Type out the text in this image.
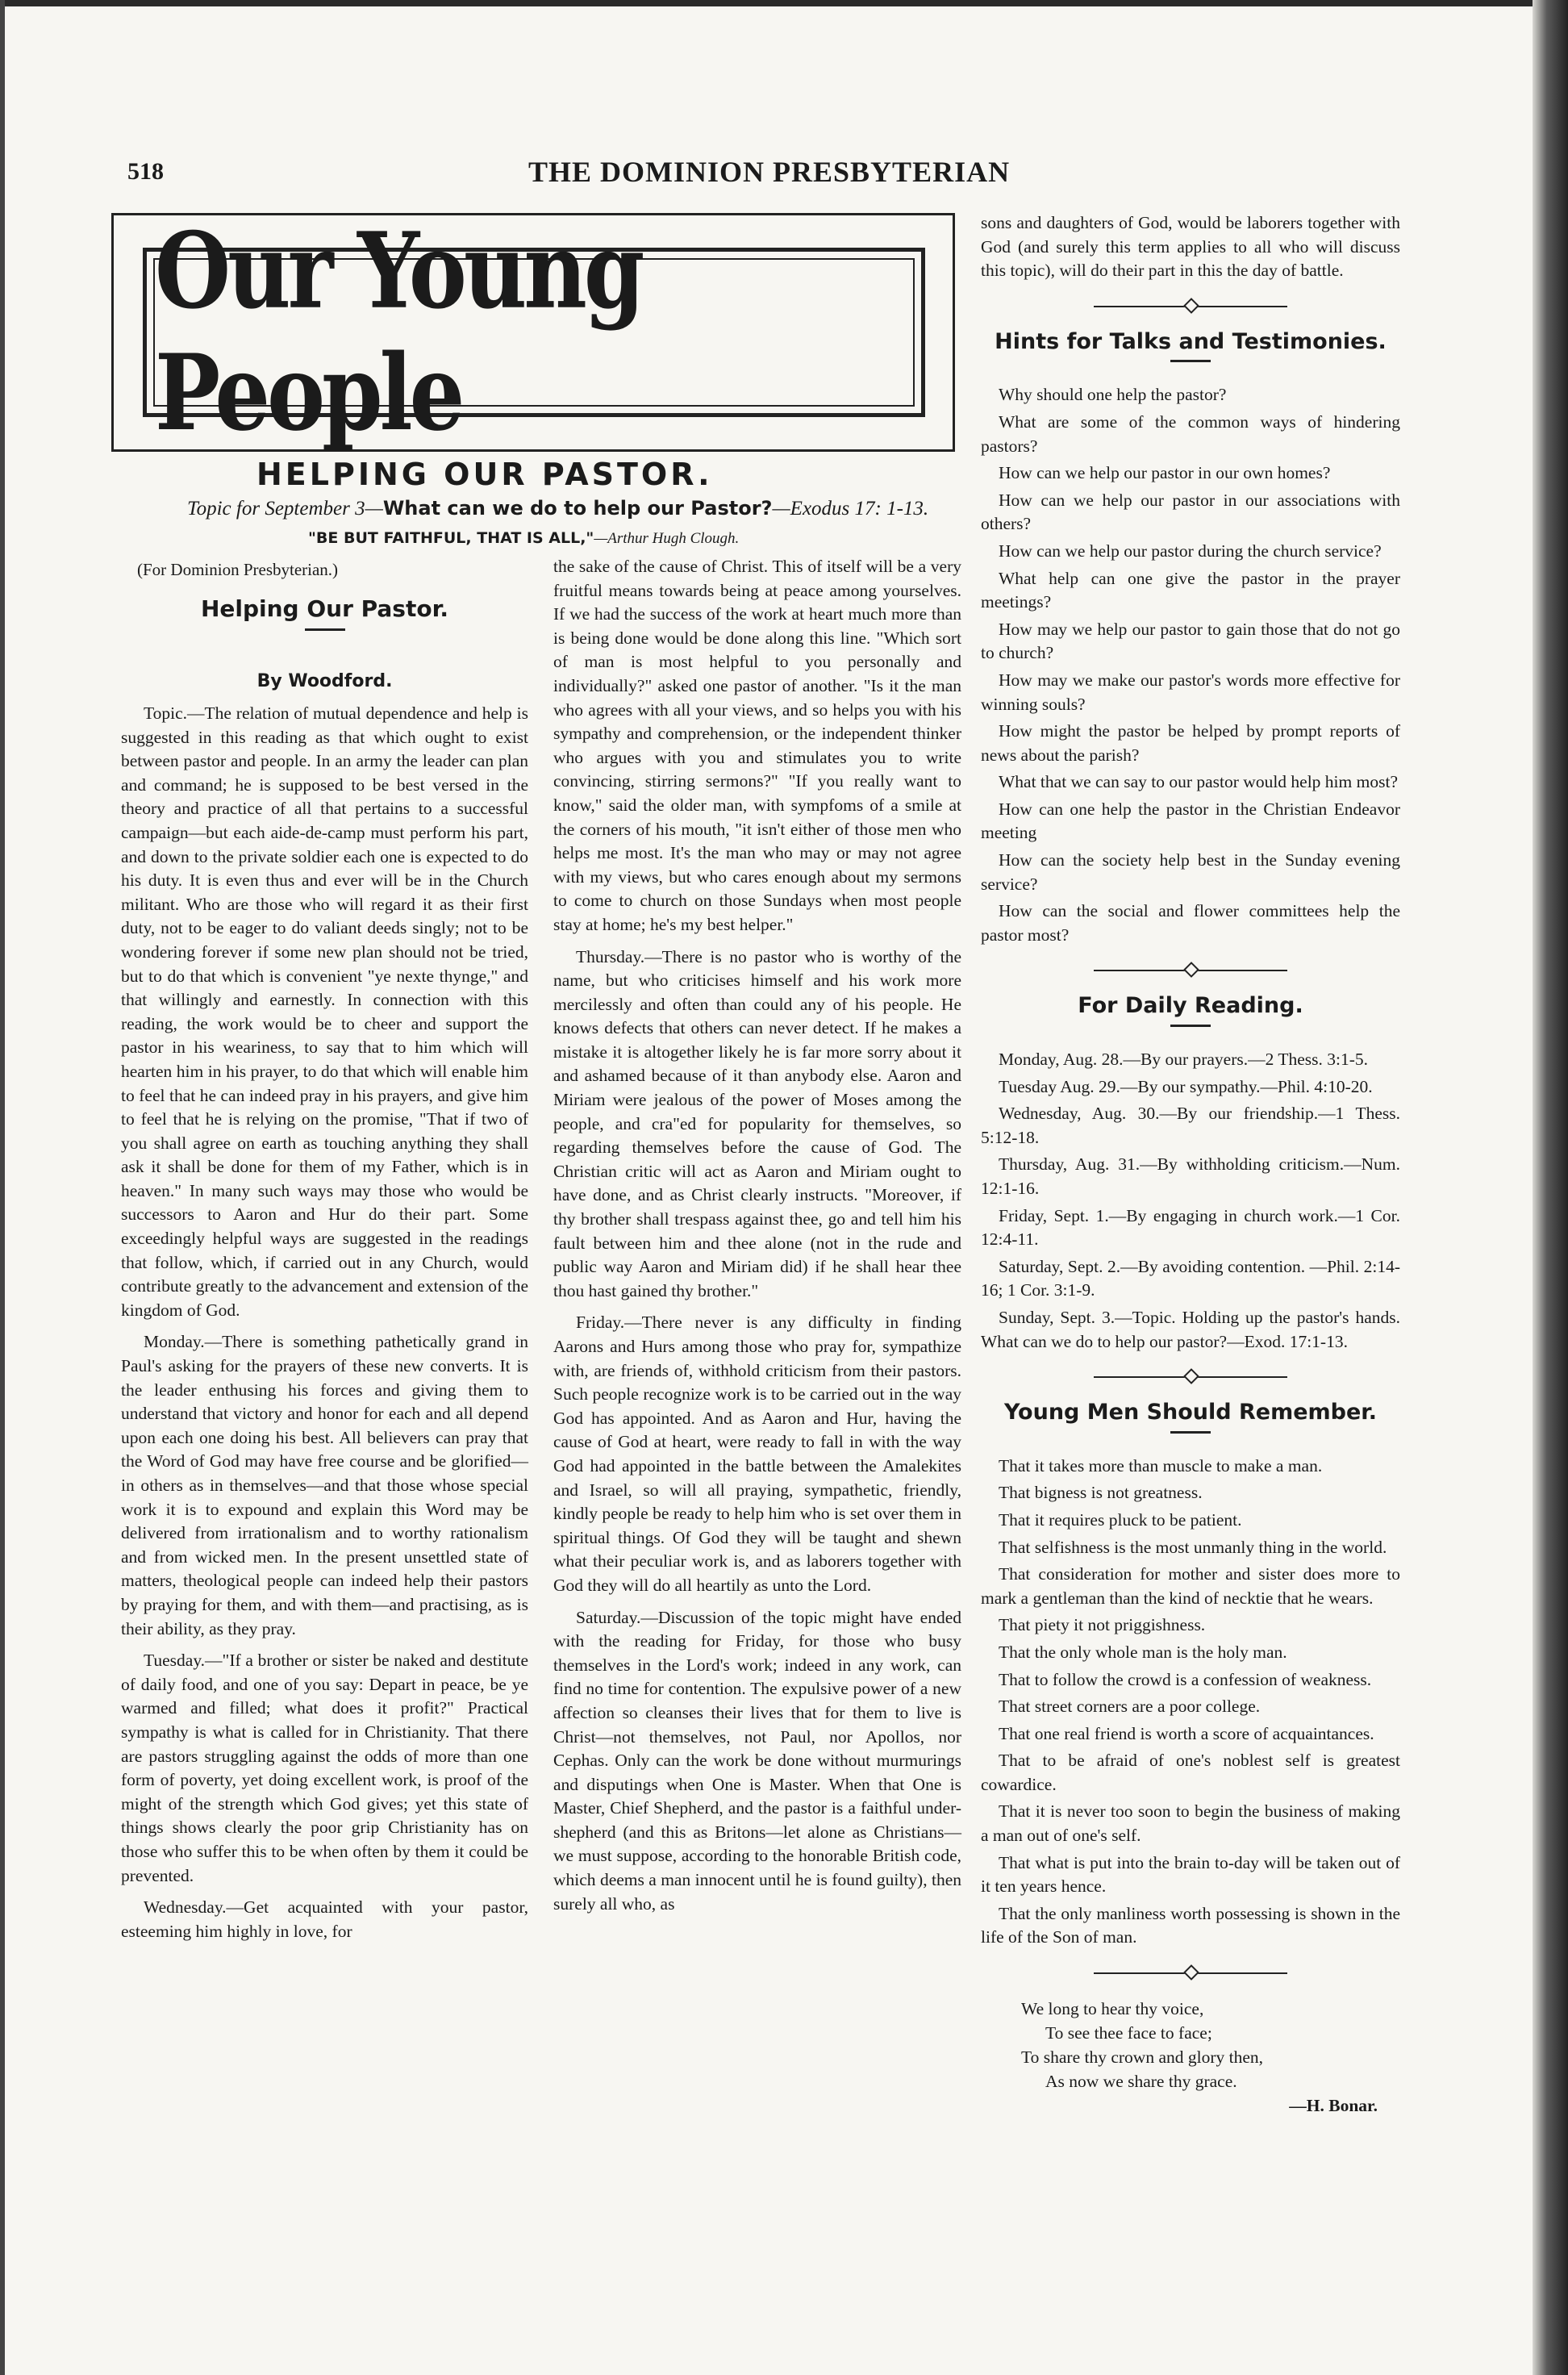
518	THE DOMINION PRESBYTERIAN
Our Young People
HELPING OUR PASTOR.
Topic for September 3—What can we do to help our Pastor?—Exodus 17: 1-13.
"BE BUT FAITHFUL, THAT IS ALL,"—Arthur Hugh Clough.
(For Dominion Presbyterian.)
Helping Our Pastor.
By Woodford.

Topic.—The relation of mutual dependence and help is suggested in this reading as that which ought to exist between pastor and people. In an army the leader can plan and command; he is supposed to be best versed in the theory and practice of all that pertains to a successful campaign—but each aide-de-camp must perform his part, and down to the private soldier each one is expected to do his duty. It is even thus and ever will be in the Church militant. Who are those who will regard it as their first duty, not to be eager to do valiant deeds singly; not to be wondering forever if some new plan should not be tried, but to do that which is convenient "ye nexte thynge," and that willingly and earnestly. In connection with this reading, the work would be to cheer and support the pastor in his weariness, to say that to him which will hearten him in his prayer, to do that which will enable him to feel that he can indeed pray in his prayers, and give him to feel that he is relying on the promise, "That if two of you shall agree on earth as touching anything they shall ask it shall be done for them of my Father, which is in heaven." In many such ways may those who would be successors to Aaron and Hur do their part. Some exceedingly helpful ways are suggested in the readings that follow, which, if carried out in any Church, would contribute greatly to the advancement and extension of the kingdom of God.

Monday.—There is something pathetically grand in Paul's asking for the prayers of these new converts. It is the leader enthusing his forces and giving them to understand that victory and honor for each and all depend upon each one doing his best. All believers can pray that the Word of God may have free course and be glorified—in others as in themselves—and that those whose special work it is to expound and explain this Word may be delivered from irrationalism and to worthy rationalism and from wicked men. In the present unsettled state of matters, theological people can indeed help their pastors by praying for them, and with them—and practising, as is their ability, as they pray.

Tuesday.—"If a brother or sister be naked and destitute of daily food, and one of you say: Depart in peace, be ye warmed and filled; what does it profit?" Practical sympathy is what is called for in Christianity. That there are pastors struggling against the odds of more than one form of poverty, yet doing excellent work, is proof of the might of the strength which God gives; yet this state of things shows clearly the poor grip Christianity has on those who suffer this to be when often by them it could be prevented.

Wednesday.—Get acquainted with your pastor, esteeming him highly in love, for

the sake of the cause of Christ. This of itself will be a very fruitful means towards being at peace among yourselves. If we had the success of the work at heart much more than is being done would be done along this line. "Which sort of man is most helpful to you personally and individually?" asked one pastor of another. "Is it the man who agrees with all your views, and so helps you with his sympathy and comprehension, or the independent thinker who argues with you and stimulates you to write convincing, stirring sermons?" "If you really want to know," said the older man, with sympfoms of a smile at the corners of his mouth, "it isn't either of those men who helps me most. It's the man who may or may not agree with my views, but who cares enough about my sermons to come to church on those Sundays when most people stay at home; he's my best helper."

Thursday.—There is no pastor who is worthy of the name, but who criticises himself and his work more mercilessly and often than could any of his people. He knows defects that others can never detect. If he makes a mistake it is altogether likely he is far more sorry about it and ashamed because of it than anybody else. Aaron and Miriam were jealous of the power of Moses among the people, and cra"ed for popularity for themselves, so regarding themselves before the cause of God. The Christian critic will act as Aaron and Miriam ought to have done, and as Christ clearly instructs. "Moreover, if thy brother shall trespass against thee, go and tell him his fault between him and thee alone (not in the rude and public way Aaron and Miriam did) if he shall hear thee thou hast gained thy brother."

Friday.—There never is any difficulty in finding Aarons and Hurs among those who pray for, sympathize with, are friends of, withhold criticism from their pastors. Such people recognize work is to be carried out in the way God has appointed. And as Aaron and Hur, having the cause of God at heart, were ready to fall in with the way God had appointed in the battle between the Amalekites and Israel, so will all praying, sympathetic, friendly, kindly people be ready to help him who is set over them in spiritual things. Of God they will be taught and shewn what their peculiar work is, and as laborers together with God they will do all heartily as unto the Lord.

Saturday.—Discussion of the topic might have ended with the reading for Friday, for those who busy themselves in the Lord's work; indeed in any work, can find no time for contention. The expulsive power of a new affection so cleanses their lives that for them to live is Christ—not themselves, not Paul, nor Apollos, nor Cephas. Only can the work be done without murmurings and disputings when One is Master. When that One is Master, Chief Shepherd, and the pastor is a faithful under-shepherd (and this as Britons—let alone as Christians—we must suppose, according to the honorable British code, which deems a man innocent until he is found guilty), then surely all who, as

sons and daughters of God, would be laborers together with God (and surely this term applies to all who will discuss this topic), will do their part in this the day of battle.

Hints for Talks and Testimonies.

Why should one help the pastor?

What are some of the common ways of hindering pastors?

How can we help our pastor in our own homes?

How can we help our pastor in our associations with others?

How can we help our pastor during the church service?

What help can one give the pastor in the prayer meetings?

How may we help our pastor to gain those that do not go to church?

How may we make our pastor's words more effective for winning souls?

How might the pastor be helped by prompt reports of news about the parish?

What that we can say to our pastor would help him most?

How can one help the pastor in the Christian Endeavor meeting

How can the society help best in the Sunday evening service?

How can the social and flower committees help the pastor most?

For Daily Reading.

Monday, Aug. 28.—By our prayers.—2 Thess. 3:1-5.

Tuesday Aug. 29.—By our sympathy.—Phil. 4:10-20.

Wednesday, Aug. 30.—By our friendship.—1 Thess. 5:12-18.

Thursday, Aug. 31.—By withholding criticism.—Num. 12:1-16.

Friday, Sept. 1.—By engaging in church work.—1 Cor. 12:4-11.

Saturday, Sept. 2.—By avoiding contention. —Phil. 2:14-16; 1 Cor. 3:1-9.

Sunday, Sept. 3.—Topic. Holding up the pastor's hands. What can we do to help our pastor?—Exod. 17:1-13.

Young Men Should Remember.

That it takes more than muscle to make a man.

That bigness is not greatness.

That it requires pluck to be patient.

That selfishness is the most unmanly thing in the world.

That consideration for mother and sister does more to mark a gentleman than the kind of necktie that he wears.

That piety it not priggishness.

That the only whole man is the holy man.

That to follow the crowd is a confession of weakness.

That street corners are a poor college.

That one real friend is worth a score of acquaintances.

That to be afraid of one's noblest self is greatest cowardice.

That it is never too soon to begin the business of making a man out of one's self.

That what is put into the brain to-day will be taken out of it ten years hence.

That the only manliness worth possessing is shown in the life of the Son of man.

We long to hear thy voice,
To see thee face to face;
To share thy crown and glory then,
As now we share thy grace.
—H. Bonar.
